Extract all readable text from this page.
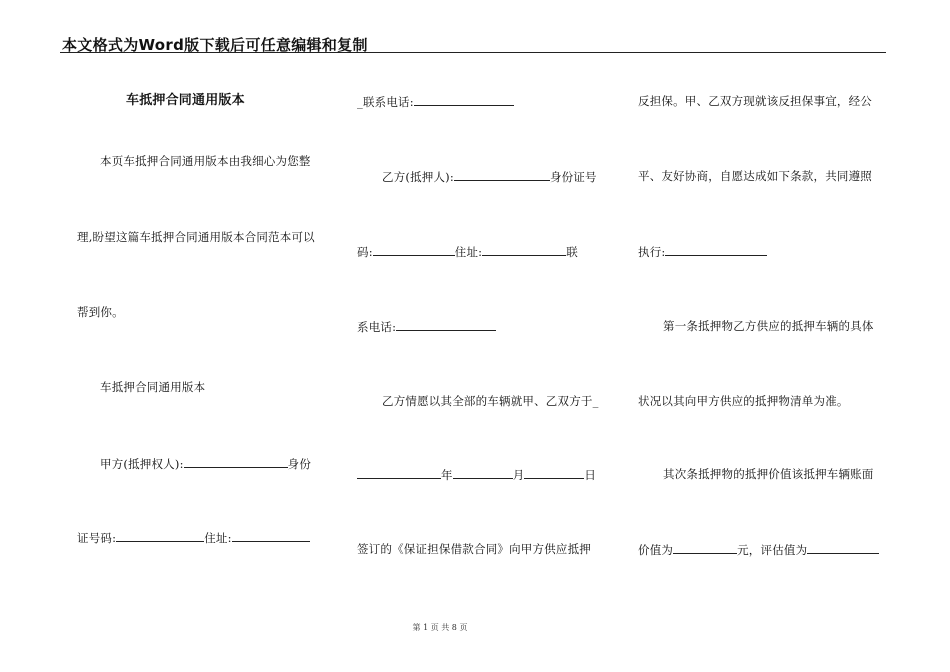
本文格式为Word版下载后可任意编辑和复制
车抵押合同通用版本
本页车抵押合同通用版本由我细心为您整
理,盼望这篇车抵押合同通用版本合同范本可以
帮到你。
车抵押合同通用版本
甲方(抵押权人):	身份
证号码:	住址:
_联系电话:
乙方(抵押人):	身份证号
码:	住址:	联
系电话:
乙方情愿以其全部的车辆就甲、乙双方于_
年	月	日
签订的《保证担保借款合同》向甲方供应抵押
反担保。甲、乙双方现就该反担保事宜，经公
平、友好协商，自愿达成如下条款，共同遵照
执行:
第一条抵押物乙方供应的抵押车辆的具体
状况以其向甲方供应的抵押物清单为准。
其次条抵押物的抵押价值该抵押车辆账面
价值为	元，评估值为
第 1 页 共 8 页
